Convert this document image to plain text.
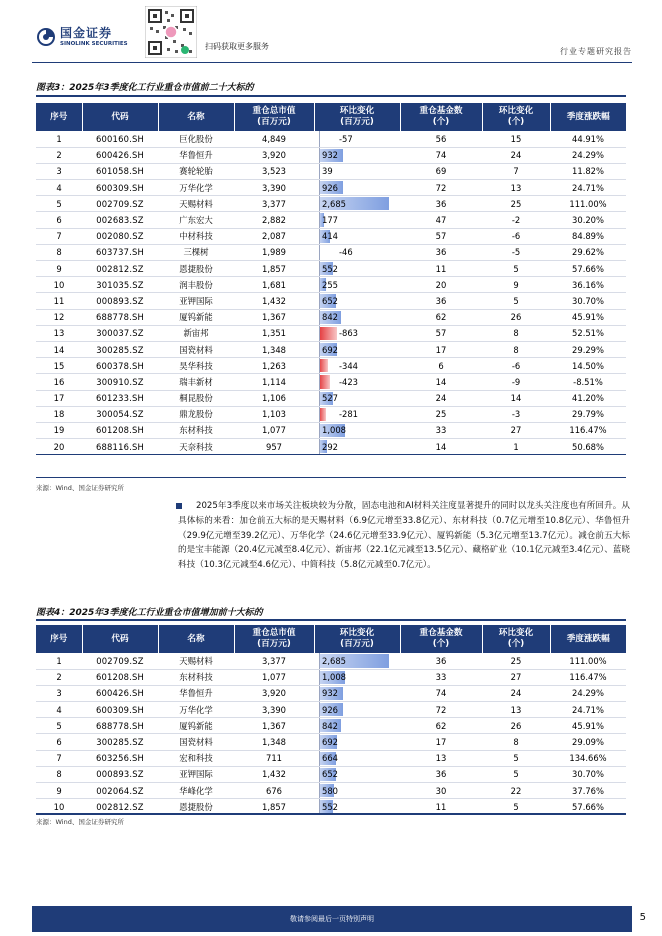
国金证券
SINOLINK SECURITIES	扫码获取更多服务
行业专题研究报告
图表3：2025年3季度化工行业重仓市值前二十大标的
序号	代码	名称	重仓总市值
(百万元)	环比变化
(百万元)	重仓基金数
(个)	环比变化
(个)	季度涨跌幅
1	600160.SH	巨化股份	4,849	-57	56	15	44.91%
2	600426.SH	华鲁恒升	3,920	932	74	24	24.29%
3	601058.SH	赛轮轮胎	3,523	39	69	7	11.82%
4	600309.SH	万华化学	3,390	926	72	13	24.71%
5	002709.SZ	天赐材料	3,377	2,685	36	25	111.00%
6	002683.SZ	广东宏大	2,882	177	47	-2	30.20%
7	002080.SZ	中材科技	2,087	414	57	-6	84.89%
8	603737.SH	三棵树	1,989	-46	36	-5	29.62%
9	002812.SZ	恩捷股份	1,857	552	11	5	57.66%
10	301035.SZ	润丰股份	1,681	255	20	9	36.16%
11	000893.SZ	亚钾国际	1,432	652	36	5	30.70%
12	688778.SH	厦钨新能	1,367	842	62	26	45.91%
13	300037.SZ	新宙邦	1,351	-863	57	8	52.51%
14	300285.SZ	国瓷材料	1,348	692	17	8	29.29%
15	600378.SH	昊华科技	1,263	-344	6	-6	14.50%
16	300910.SZ	瑞丰新材	1,114	-423	14	-9	-8.51%
17	601233.SH	桐昆股份	1,106	527	24	14	41.20%
18	300054.SZ	鼎龙股份	1,103	-281	25	-3	29.79%
19	601208.SH	东材科技	1,077	1,008	33	27	116.47%
20	688116.SH	天奈科技	957	292	14	1	50.68%
来源：Wind、国金证券研究所
2025年3季度以来市场关注板块较为分散，固态电池和AI材料关注度显著提升的同时以龙头关注度也有所回升。从具体标的来看：加仓前五大标的是天赐材料（6.9亿元增至33.8亿元）、东材科技（0.7亿元增至10.8亿元）、华鲁恒升（29.9亿元增至39.2亿元）、万华化学（24.6亿元增至33.9亿元）、厦钨新能（5.3亿元增至13.7亿元）。减仓前五大标的是宝丰能源（20.4亿元减至8.4亿元）、新宙邦（22.1亿元减至13.5亿元）、藏格矿业（10.1亿元减至3.4亿元）、蓝晓科技（10.3亿元减至4.6亿元）、中简科技（5.8亿元减至0.7亿元）。
图表4：2025年3季度化工行业重仓市值增加前十大标的
序号	代码	名称	重仓总市值
(百万元)	环比变化
(百万元)	重仓基金数
(个)	环比变化
(个)	季度涨跌幅
1	002709.SZ	天赐材料	3,377	2,685	36	25	111.00%
2	601208.SH	东材科技	1,077	1,008	33	27	116.47%
3	600426.SH	华鲁恒升	3,920	932	74	24	24.29%
4	600309.SH	万华化学	3,390	926	72	13	24.71%
5	688778.SH	厦钨新能	1,367	842	62	26	45.91%
6	300285.SZ	国瓷材料	1,348	692	17	8	29.09%
7	603256.SH	宏和科技	711	664	13	5	134.66%
8	000893.SZ	亚钾国际	1,432	652	36	5	30.70%
9	002064.SZ	华峰化学	676	580	30	22	37.76%
10	002812.SZ	恩捷股份	1,857	552	11	5	57.66%
来源：Wind、国金证券研究所
敬请参阅最后一页特别声明	5
